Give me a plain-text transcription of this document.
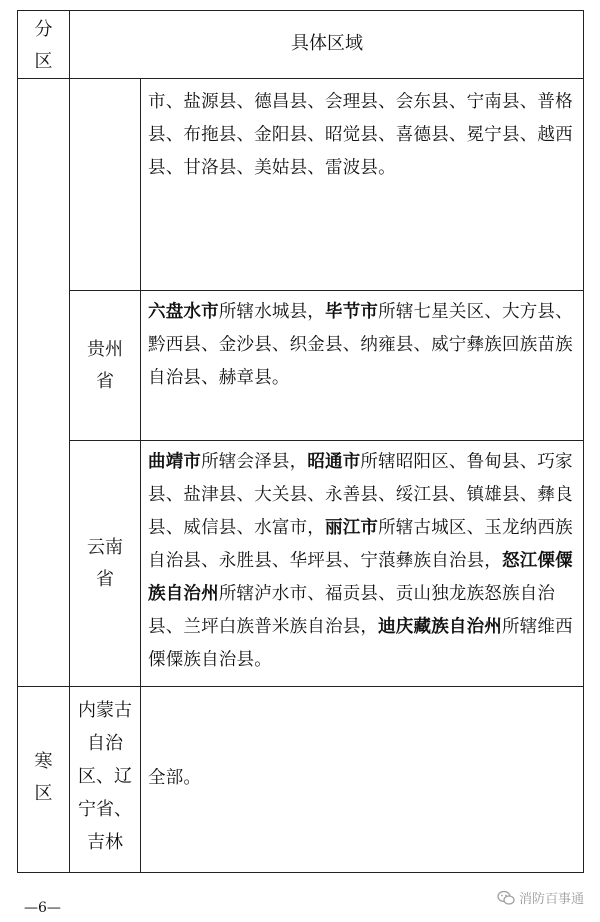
分
区
具体区域
市、盐源县、德昌县、会理县、会东县、宁南县、普格县、布拖县、金阳县、昭觉县、喜德县、冕宁县、越西县、甘洛县、美姑县、雷波县。
贵州
省
六盘水市所辖水城县，毕节市所辖七星关区、大方县、黔西县、金沙县、织金县、纳雍县、威宁彝族回族苗族自治县、赫章县。
云南
省
曲靖市所辖会泽县，昭通市所辖昭阳区、鲁甸县、巧家县、盐津县、大关县、永善县、绥江县、镇雄县、彝良县、威信县、水富市，丽江市所辖古城区、玉龙纳西族自治县、永胜县、华坪县、宁蒗彝族自治县，怒江傈僳族自治州所辖泸水市、福贡县、贡山独龙族怒族自治县、兰坪白族普米族自治县，迪庆藏族自治州所辖维西傈僳族自治县。
寒
区
内蒙古
自治
区、辽
宁省、
吉林
全部。
—6—
消防百事通
